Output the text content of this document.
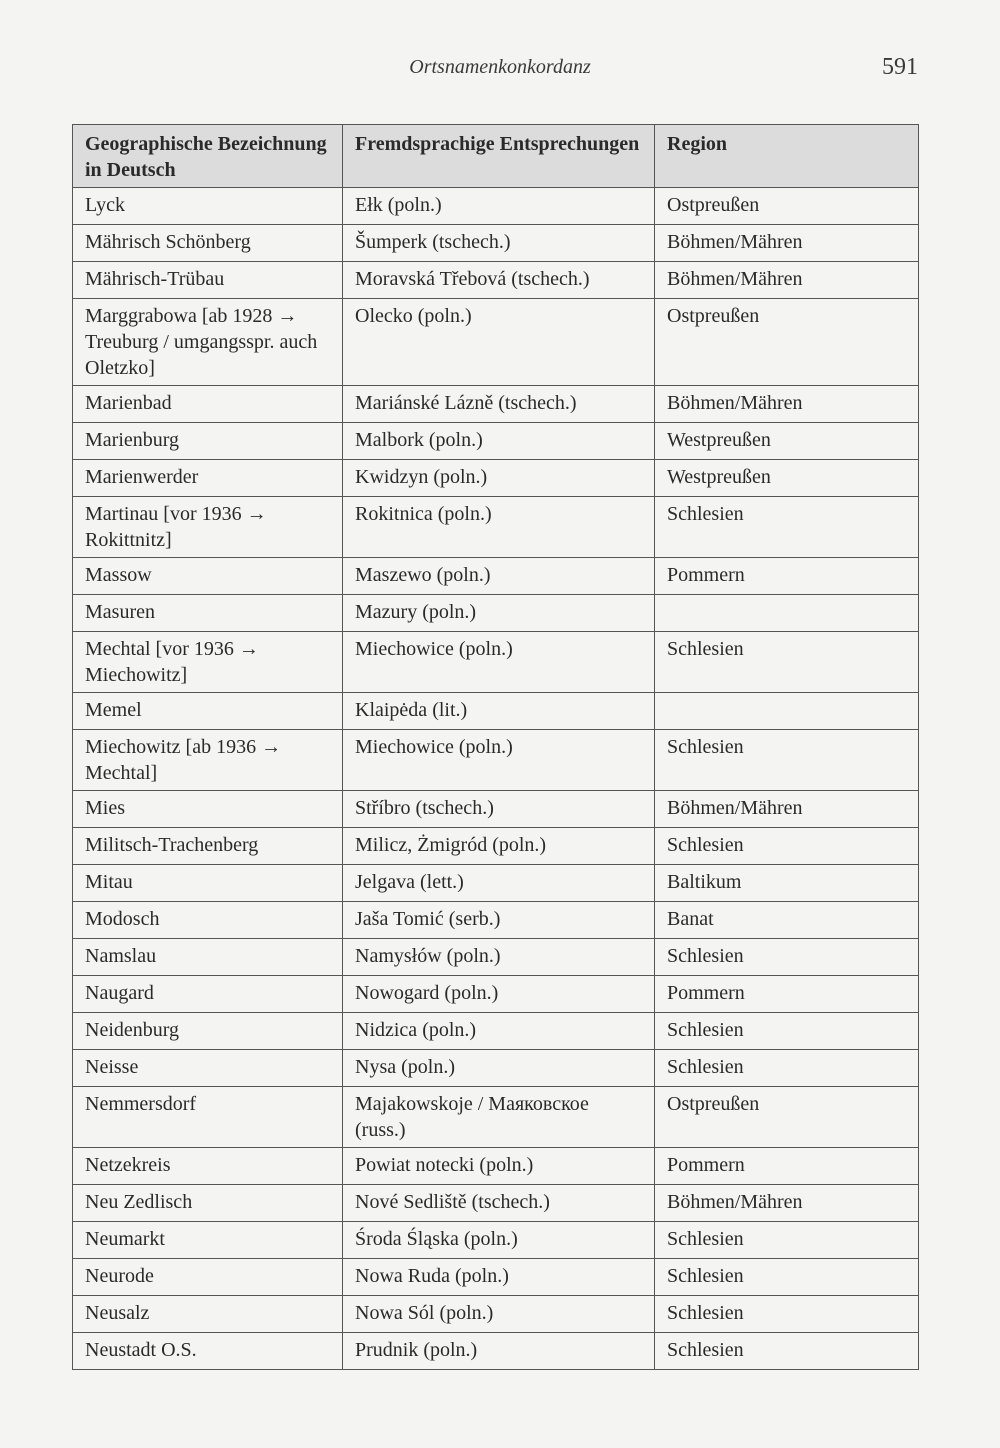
Ortsnamenkonkordanz	591
Geographische Bezeichnung in Deutsch	Fremdsprachige Entsprechungen	Region
Lyck	Ełk (poln.)	Ostpreußen
Mährisch Schönberg	Šumperk (tschech.)	Böhmen/Mähren
Mährisch-Trübau	Moravská Třebová (tschech.)	Böhmen/Mähren
Marggrabowa [ab 1928 → Treuburg / umgangsspr. auch Oletzko]	Olecko (poln.)	Ostpreußen
Marienbad	Mariánské Lázně (tschech.)	Böhmen/Mähren
Marienburg	Malbork (poln.)	Westpreußen
Marienwerder	Kwidzyn (poln.)	Westpreußen
Martinau [vor 1936 → Rokittnitz]	Rokitnica (poln.)	Schlesien
Massow	Maszewo (poln.)	Pommern
Masuren	Mazury (poln.)	
Mechtal [vor 1936 → Miechowitz]	Miechowice (poln.)	Schlesien
Memel	Klaipėda (lit.)	
Miechowitz [ab 1936 → Mechtal]	Miechowice (poln.)	Schlesien
Mies	Stříbro (tschech.)	Böhmen/Mähren
Militsch-Trachenberg	Milicz, Żmigród (poln.)	Schlesien
Mitau	Jelgava (lett.)	Baltikum
Modosch	Jaša Tomić (serb.)	Banat
Namslau	Namysłów (poln.)	Schlesien
Naugard	Nowogard (poln.)	Pommern
Neidenburg	Nidzica (poln.)	Schlesien
Neisse	Nysa (poln.)	Schlesien
Nemmersdorf	Majakowskoje / Маяковское (russ.)	Ostpreußen
Netzekreis	Powiat notecki (poln.)	Pommern
Neu Zedlisch	Nové Sedliště (tschech.)	Böhmen/Mähren
Neumarkt	Środa Śląska (poln.)	Schlesien
Neurode	Nowa Ruda (poln.)	Schlesien
Neusalz	Nowa Sól (poln.)	Schlesien
Neustadt O.S.	Prudnik (poln.)	Schlesien
